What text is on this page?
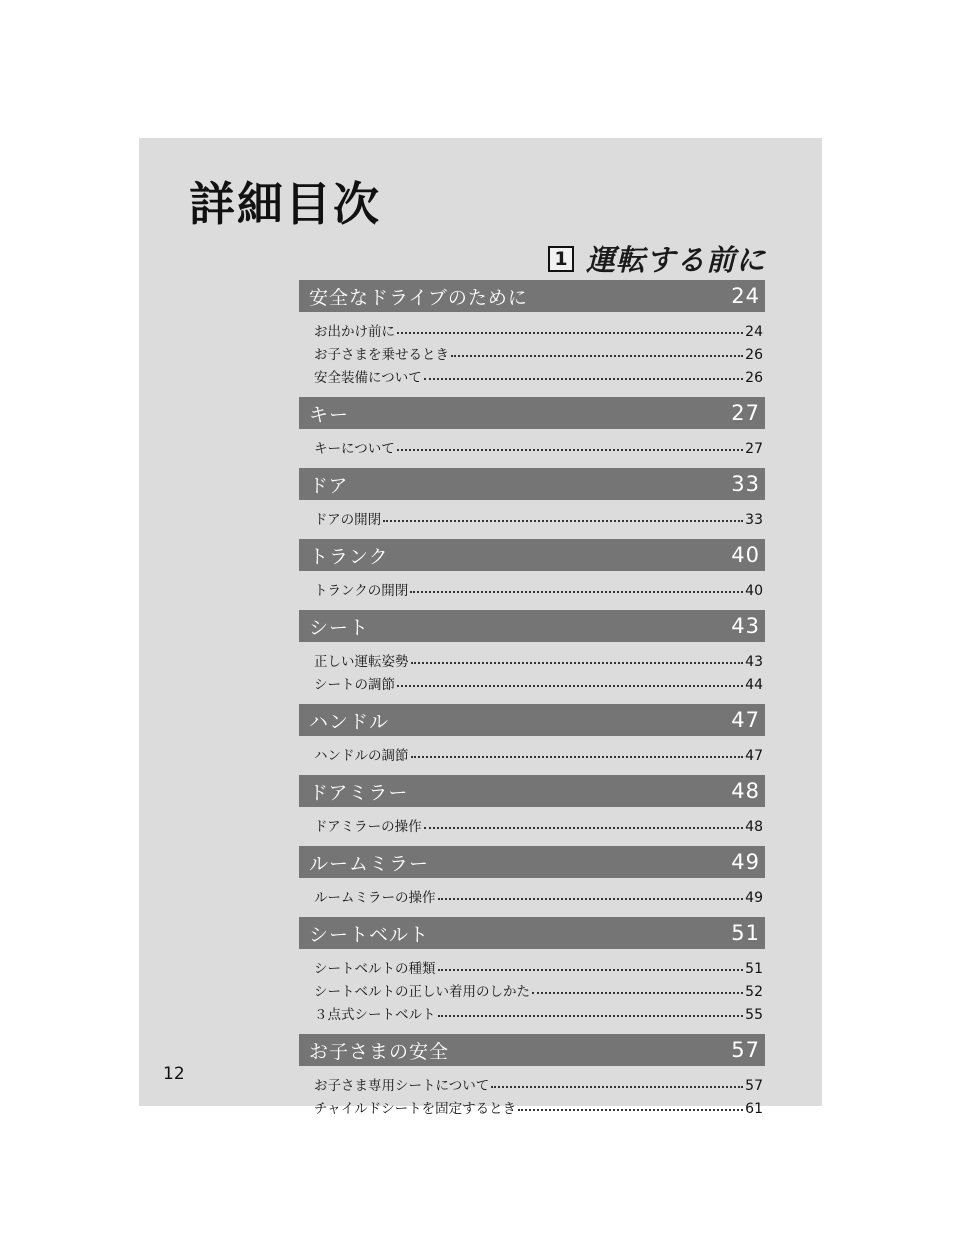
詳細目次
1 運転する前に
安全なドライブのために	24
お出かけ前に	24
お子さまを乗せるとき	26
安全装備について	26
キー	27
キーについて	27
ドア	33
ドアの開閉	33
トランク	40
トランクの開閉	40
シート	43
正しい運転姿勢	43
シートの調節	44
ハンドル	47
ハンドルの調節	47
ドアミラー	48
ドアミラーの操作	48
ルームミラー	49
ルームミラーの操作	49
シートベルト	51
シートベルトの種類	51
シートベルトの正しい着用のしかた	52
３点式シートベルト	55
お子さまの安全	57
お子さま専用シートについて	57
チャイルドシートを固定するとき	61
12
